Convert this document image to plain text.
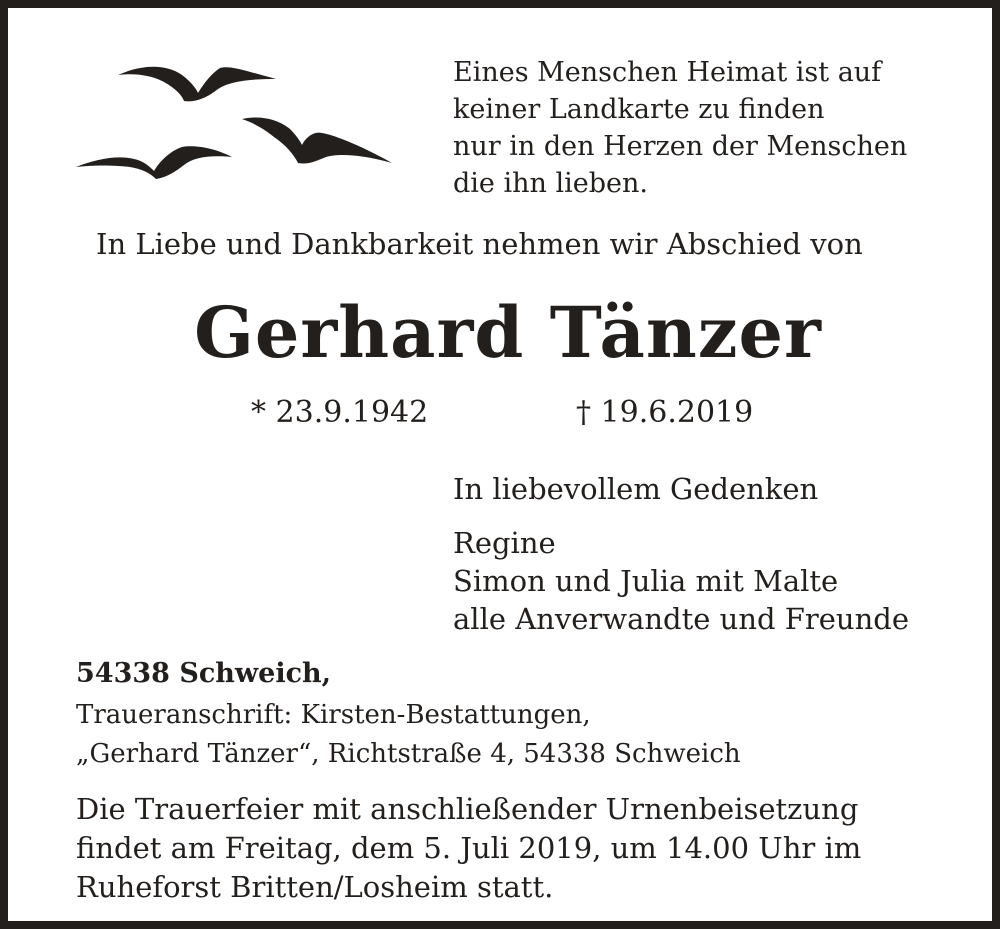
Eines Menschen Heimat ist auf
keiner Landkarte zu finden
nur in den Herzen der Menschen
die ihn lieben.
In Liebe und Dankbarkeit nehmen wir Abschied von
Gerhard Tänzer
* 23.9.1942	† 19.6.2019
In liebevollem Gedenken
Regine
Simon und Julia mit Malte
alle Anverwandte und Freunde
54338 Schweich,
Traueranschrift: Kirsten-Bestattungen,
„Gerhard Tänzer“, Richtstraße 4, 54338 Schweich
Die Trauerfeier mit anschließender Urnenbeisetzung
findet am Freitag, dem 5. Juli 2019, um 14.00 Uhr im
Ruheforst Britten/Losheim statt.
